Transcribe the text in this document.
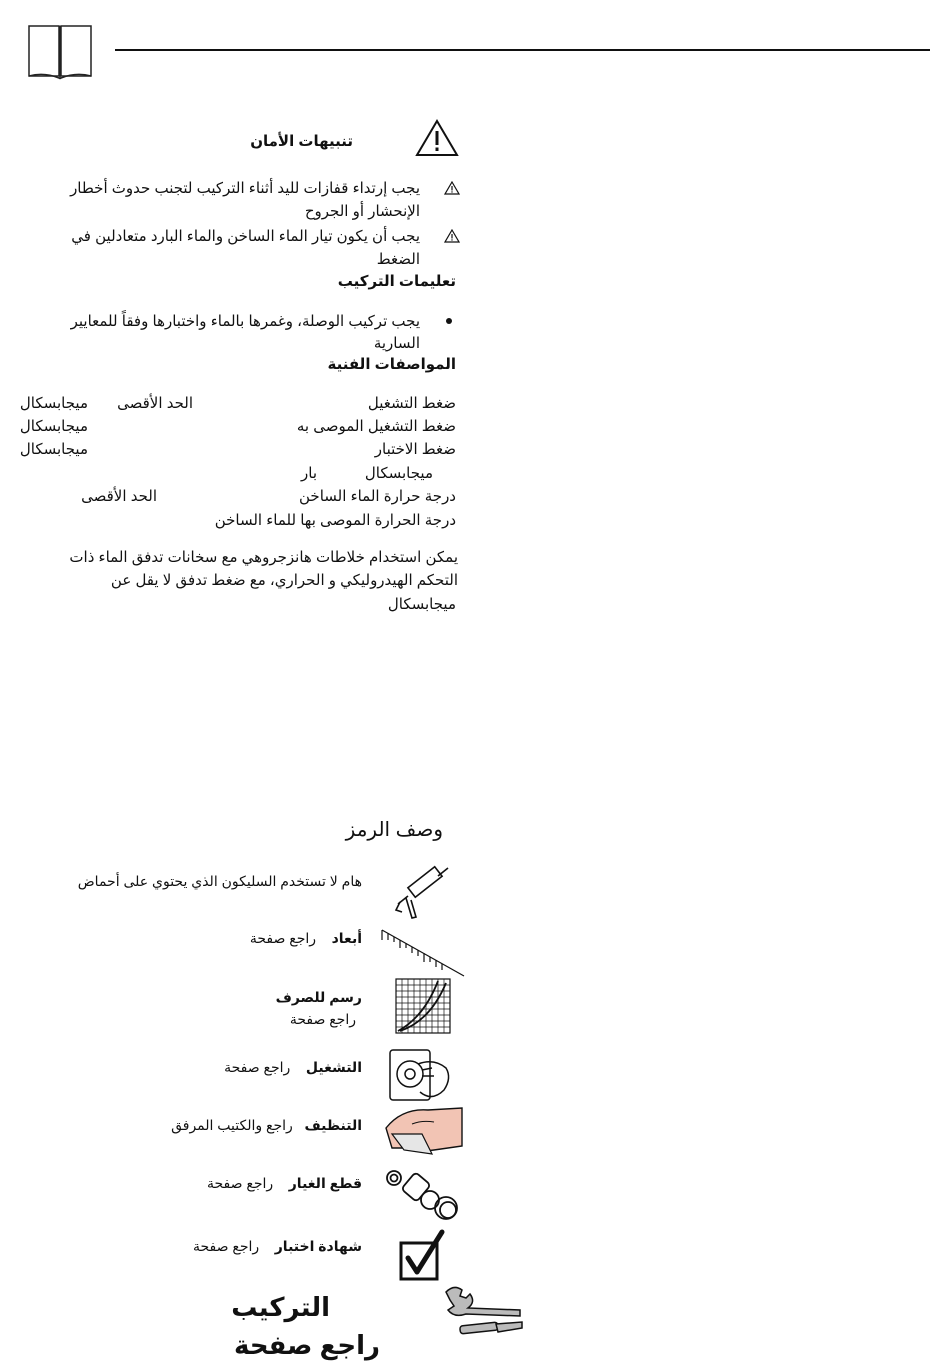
تنبيهات الأمان
يجب إرتداء قفازات لليد أثناء التركيب لتجنب حدوث أخطار
الإنحشار أو الجروح
يجب أن يكون تيار الماء الساخن والماء البارد متعادلين في
الضغط
تعليمات التركيب
يجب تركيب الوصلة، وغمرها بالماء واختبارها وفقاً للمعايير
السارية
المواصفات الفنية
ضغط التشغيل
الحد الأقصى
ميجابسكال
ضغط التشغيل الموصى به
ميجابسكال
ضغط الاختبار
ميجابسكال
ميجابسكال
بار
درجة حرارة الماء الساخن
الحد الأقصى
درجة الحرارة الموصى بها للماء الساخن
يمكن استخدام خلاطات هانزجروهي مع سخانات تدفق الماء ذات
التحكم الهيدروليكي و الحراري، مع ضغط تدفق لا يقل عن
ميجابسكال
وصف الرمز
هام لا تستخدم السليكون الذي يحتوي على أحماض
أبعاد    راجع صفحة
رسم للصرف
راجع صفحة
التشغيل    راجع صفحة
التنظيف   راجع والكتيب المرفق
قطع الغيار    راجع صفحة
شهادة اختبار    راجع صفحة
التركيب
راجع صفحة
